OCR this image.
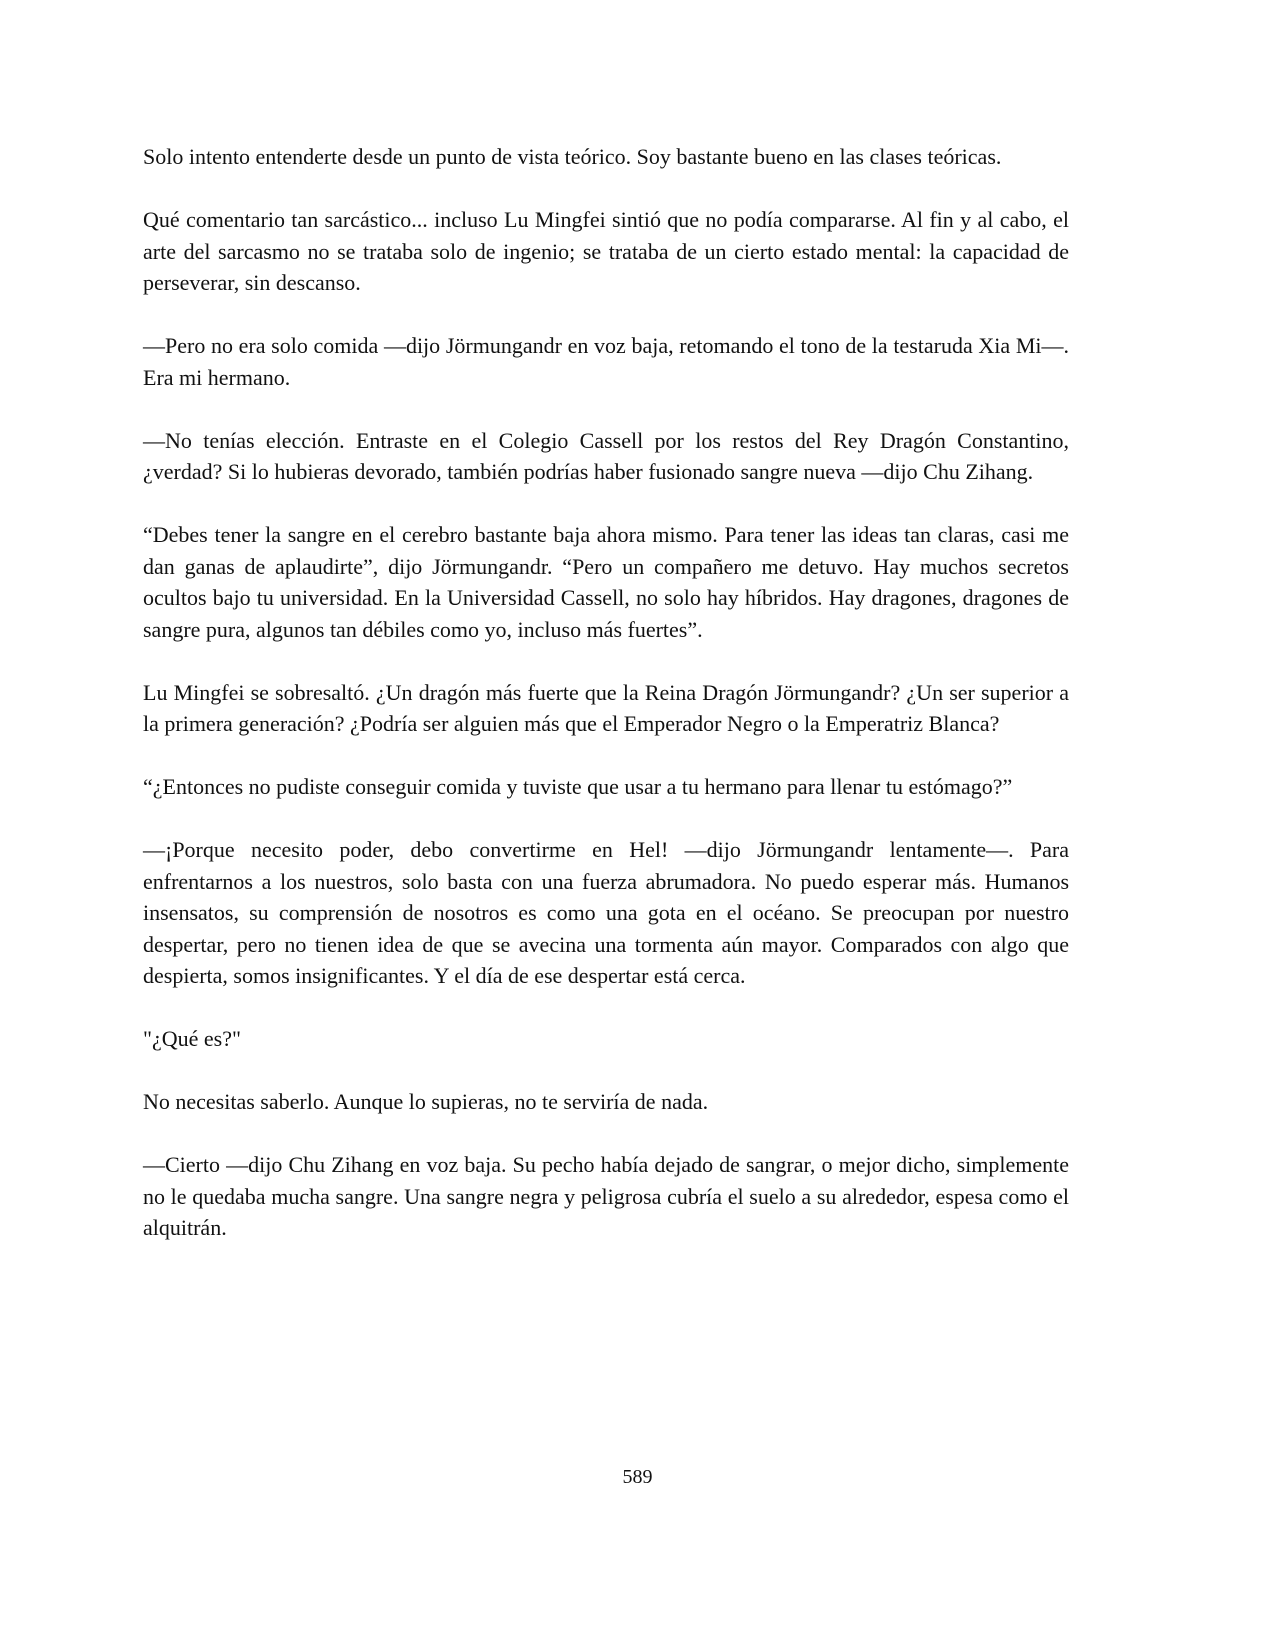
Solo intento entenderte desde un punto de vista teórico. Soy bastante bueno en las clases teóricas.

Qué comentario tan sarcástico... incluso Lu Mingfei sintió que no podía compararse. Al fin y al cabo, el arte del sarcasmo no se trataba solo de ingenio; se trataba de un cierto estado mental: la capacidad de perseverar, sin descanso.

—Pero no era solo comida —dijo Jörmungandr en voz baja, retomando el tono de la testaruda Xia Mi—. Era mi hermano.

—No tenías elección. Entraste en el Colegio Cassell por los restos del Rey Dragón Constantino, ¿verdad? Si lo hubieras devorado, también podrías haber fusionado sangre nueva —dijo Chu Zihang.

“Debes tener la sangre en el cerebro bastante baja ahora mismo. Para tener las ideas tan claras, casi me dan ganas de aplaudirte”, dijo Jörmungandr. “Pero un compañero me detuvo. Hay muchos secretos ocultos bajo tu universidad. En la Universidad Cassell, no solo hay híbridos. Hay dragones, dragones de sangre pura, algunos tan débiles como yo, incluso más fuertes”.

Lu Mingfei se sobresaltó. ¿Un dragón más fuerte que la Reina Dragón Jörmungandr? ¿Un ser superior a la primera generación? ¿Podría ser alguien más que el Emperador Negro o la Emperatriz Blanca?

“¿Entonces no pudiste conseguir comida y tuviste que usar a tu hermano para llenar tu estómago?”

—¡Porque necesito poder, debo convertirme en Hel! —dijo Jörmungandr lentamente—. Para enfrentarnos a los nuestros, solo basta con una fuerza abrumadora. No puedo esperar más. Humanos insensatos, su comprensión de nosotros es como una gota en el océano. Se preocupan por nuestro despertar, pero no tienen idea de que se avecina una tormenta aún mayor. Comparados con algo que despierta, somos insignificantes. Y el día de ese despertar está cerca.

"¿Qué es?"

No necesitas saberlo. Aunque lo supieras, no te serviría de nada.

—Cierto —dijo Chu Zihang en voz baja. Su pecho había dejado de sangrar, o mejor dicho, simplemente no le quedaba mucha sangre. Una sangre negra y peligrosa cubría el suelo a su alrededor, espesa como el alquitrán.

589
